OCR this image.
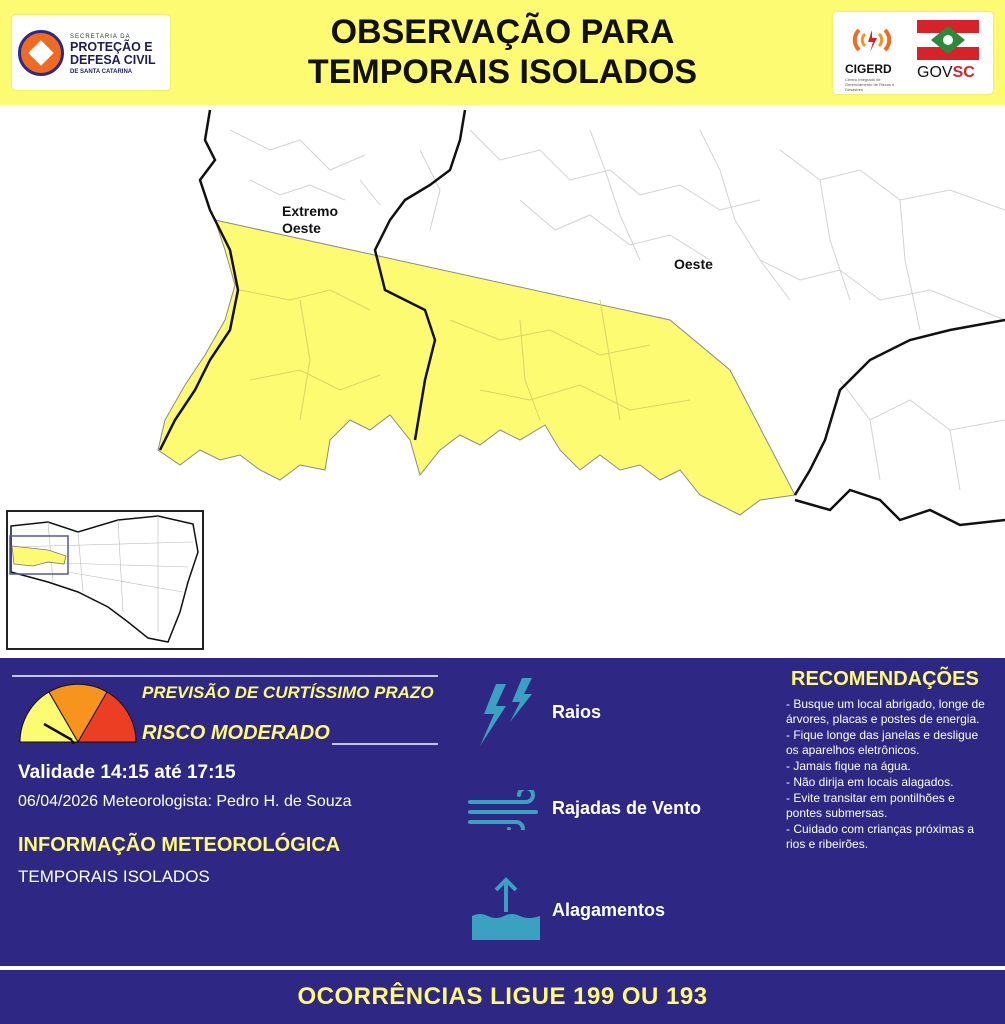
SECRETARIA DA
PROTEÇÃO E DEFESA CIVIL
DE SANTA CATARINA
OBSERVAÇÃO PARA
TEMPORAIS ISOLADOS	CIGERD
Centro Integrado de Gerenciamento de Riscos e Desastres
GOVSC
Extremo
Oeste
Oeste
PREVISÃO DE CURTÍSSIMO PRAZO
RISCO MODERADO
Validade 14:15 até 17:15
06/04/2026 Meteorologista: Pedro H. de Souza
INFORMAÇÃO METEOROLÓGICA
TEMPORAIS ISOLADOS
Raios
Rajadas de Vento
Alagamentos
RECOMENDAÇÕES
- Busque um local abrigado, longe de árvores, placas e postes de energia.
- Fique longe das janelas e desligue os aparelhos eletrônicos.
- Jamais fique na água.
- Não dirija em locais alagados.
- Evite transitar em pontilhões e pontes submersas.
- Cuidado com crianças próximas a rios e ribeirões.
OCORRÊNCIAS LIGUE 199 OU 193
